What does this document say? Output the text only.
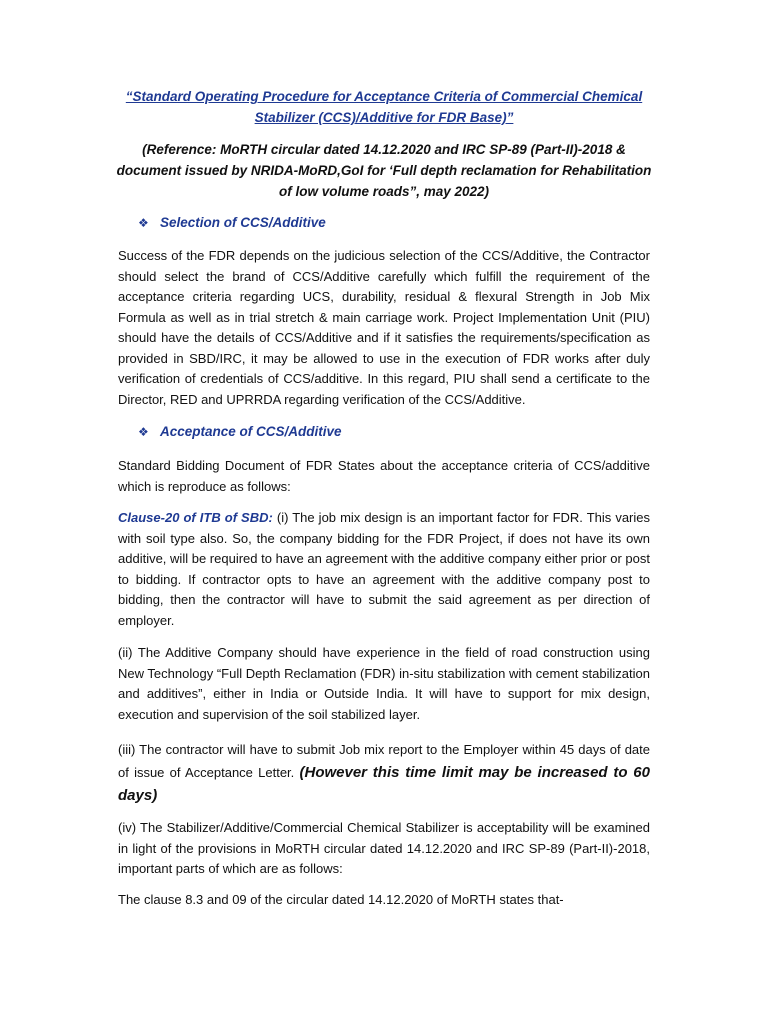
“Standard Operating Procedure for Acceptance Criteria of Commercial Chemical Stabilizer (CCS)/Additive for FDR Base)”
(Reference: MoRTH circular dated 14.12.2020 and IRC SP-89 (Part-II)-2018 & document issued by NRIDA-MoRD,GoI for ‘Full depth reclamation for Rehabilitation of low volume roads”, may 2022)
❖ Selection of CCS/Additive

Success of the FDR depends on the judicious selection of the CCS/Additive, the Contractor should select the brand of CCS/Additive carefully which fulfill the requirement of the acceptance criteria regarding UCS, durability, residual & flexural Strength in Job Mix Formula as well as in trial stretch & main carriage work. Project Implementation Unit (PIU) should have the details of CCS/Additive and if it satisfies the requirements/specification as provided in SBD/IRC, it may be allowed to use in the execution of FDR works after duly verification of credentials of CCS/additive. In this regard, PIU shall send a certificate to the Director, RED and UPRRDA regarding verification of the CCS/Additive.

❖ Acceptance of CCS/Additive

Standard Bidding Document of FDR States about the acceptance criteria of CCS/additive which is reproduce as follows:

Clause-20 of ITB of SBD: (i) The job mix design is an important factor for FDR. This varies with soil type also. So, the company bidding for the FDR Project, if does not have its own additive, will be required to have an agreement with the additive company either prior or post to bidding. If contractor opts to have an agreement with the additive company post to bidding, then the contractor will have to submit the said agreement as per direction of employer.

(ii) The Additive Company should have experience in the field of road construction using New Technology “Full Depth Reclamation (FDR) in-situ stabilization with cement stabilization and additives”, either in India or Outside India. It will have to support for mix design, execution and supervision of the soil stabilized layer.

(iii) The contractor will have to submit Job mix report to the Employer within 45 days of date of issue of Acceptance Letter. (However this time limit may be increased to 60 days)

(iv) The Stabilizer/Additive/Commercial Chemical Stabilizer is acceptability will be examined in light of the provisions in MoRTH circular dated 14.12.2020 and IRC SP-89 (Part-II)-2018, important parts of which are as follows:

The clause 8.3 and 09 of the circular dated 14.12.2020 of MoRTH states that-
